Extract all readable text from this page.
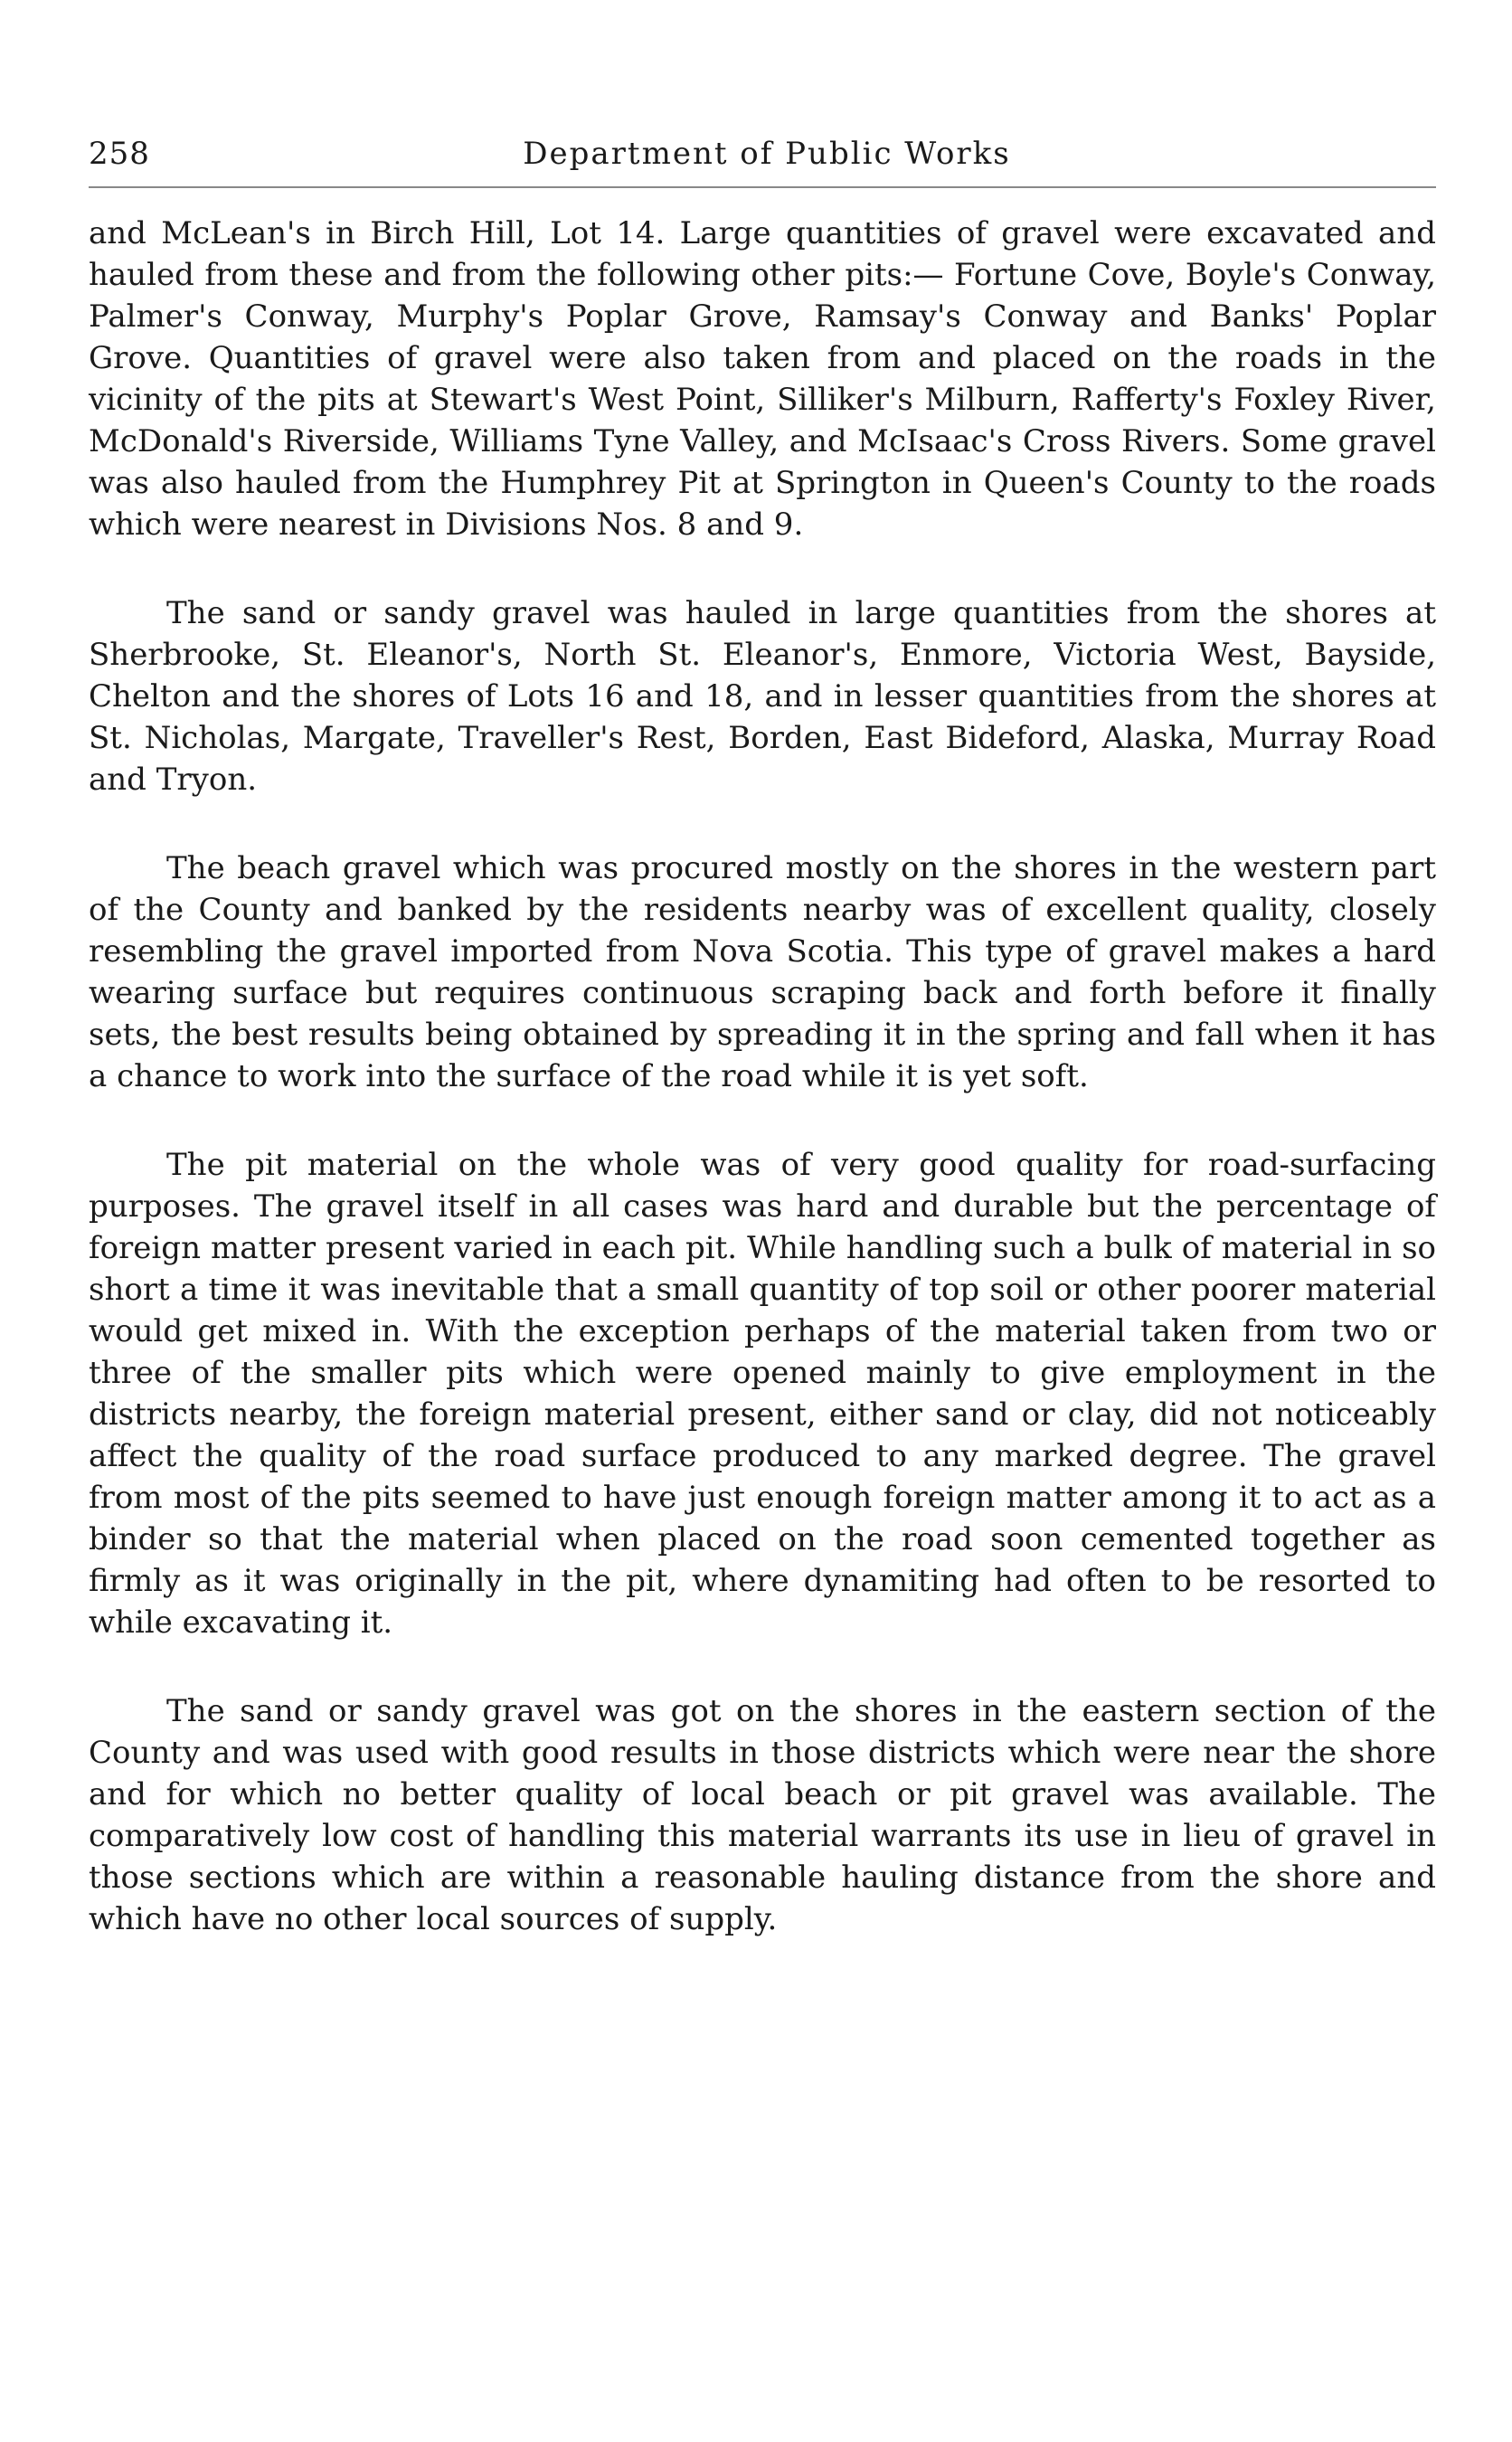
258	Department of Public Works

and McLean's in Birch Hill, Lot 14. Large quantities of gravel were excavated and hauled from these and from the following other pits:— Fortune Cove, Boyle's Conway, Palmer's Conway, Murphy's Poplar Grove, Ramsay's Conway and Banks' Poplar Grove. Quantities of gravel were also taken from and placed on the roads in the vicinity of the pits at Stewart's West Point, Silliker's Milburn, Rafferty's Foxley River, McDonald's Riverside, Williams Tyne Valley, and McIsaac's Cross Rivers. Some gravel was also hauled from the Humphrey Pit at Springton in Queen's County to the roads which were nearest in Divisions Nos. 8 and 9.

The sand or sandy gravel was hauled in large quantities from the shores at Sherbrooke, St. Eleanor's, North St. Eleanor's, Enmore, Victoria West, Bayside, Chelton and the shores of Lots 16 and 18, and in lesser quantities from the shores at St. Nicholas, Margate, Traveller's Rest, Borden, East Bideford, Alaska, Murray Road and Tryon.

The beach gravel which was procured mostly on the shores in the western part of the County and banked by the residents nearby was of excellent quality, closely resembling the gravel imported from Nova Scotia. This type of gravel makes a hard wearing surface but requires continuous scraping back and forth before it finally sets, the best results being obtained by spreading it in the spring and fall when it has a chance to work into the surface of the road while it is yet soft.

The pit material on the whole was of very good quality for road-surfacing purposes. The gravel itself in all cases was hard and durable but the percentage of foreign matter present varied in each pit. While handling such a bulk of material in so short a time it was inevitable that a small quantity of top soil or other poorer material would get mixed in. With the exception perhaps of the material taken from two or three of the smaller pits which were opened mainly to give employment in the districts nearby, the foreign material present, either sand or clay, did not noticeably affect the quality of the road surface produced to any marked degree. The gravel from most of the pits seemed to have just enough foreign matter among it to act as a binder so that the material when placed on the road soon cemented together as firmly as it was originally in the pit, where dynamiting had often to be resorted to while excavating it.

The sand or sandy gravel was got on the shores in the eastern section of the County and was used with good results in those districts which were near the shore and for which no better quality of local beach or pit gravel was available. The comparatively low cost of handling this material warrants its use in lieu of gravel in those sections which are within a reasonable hauling distance from the shore and which have no other local sources of supply.
